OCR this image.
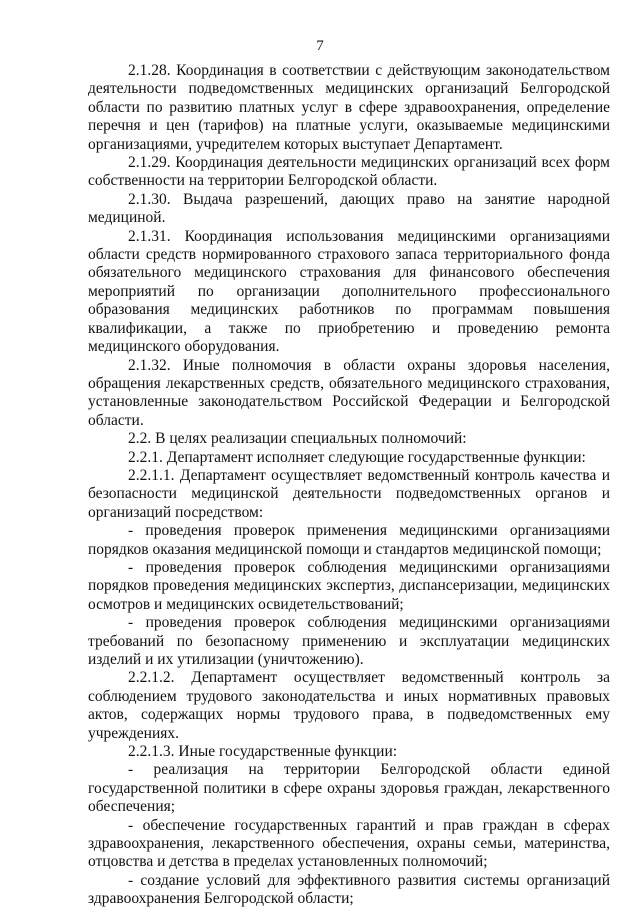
7

2.1.28. Координация в соответствии с действующим законодательством деятельности подведомственных медицинских организаций Белгородской области по развитию платных услуг в сфере здравоохранения, определение перечня и цен (тарифов) на платные услуги, оказываемые медицинскими организациями, учредителем которых выступает Департамент.

2.1.29. Координация деятельности медицинских организаций всех форм собственности на территории Белгородской области.

2.1.30. Выдача разрешений, дающих право на занятие народной медициной.

2.1.31. Координация использования медицинскими организациями области средств нормированного страхового запаса территориального фонда обязательного медицинского страхования для финансового обеспечения мероприятий по организации дополнительного профессионального образования медицинских работников по программам повышения квалификации, а также по приобретению и проведению ремонта медицинского оборудования.

2.1.32. Иные полномочия в области охраны здоровья населения, обращения лекарственных средств, обязательного медицинского страхования, установленные законодательством Российской Федерации и Белгородской области.

2.2. В целях реализации специальных полномочий:

2.2.1. Департамент исполняет следующие государственные функции:

2.2.1.1. Департамент осуществляет ведомственный контроль качества и безопасности медицинской деятельности подведомственных органов и организаций посредством:

- проведения проверок применения медицинскими организациями порядков оказания медицинской помощи и стандартов медицинской помощи;

- проведения проверок соблюдения медицинскими организациями порядков проведения медицинских экспертиз, диспансеризации, медицинских осмотров и медицинских освидетельствований;

- проведения проверок соблюдения медицинскими организациями требований по безопасному применению и эксплуатации медицинских изделий и их утилизации (уничтожению).

2.2.1.2. Департамент осуществляет ведомственный контроль за соблюдением трудового законодательства и иных нормативных правовых актов, содержащих нормы трудового права, в подведомственных ему учреждениях.

2.2.1.3. Иные государственные функции:

- реализация на территории Белгородской области единой государственной политики в сфере охраны здоровья граждан, лекарственного обеспечения;

- обеспечение государственных гарантий и прав граждан в сферах здравоохранения, лекарственного обеспечения, охраны семьи, материнства, отцовства и детства в пределах установленных полномочий;

- создание условий для эффективного развития системы организаций здравоохранения Белгородской области;
